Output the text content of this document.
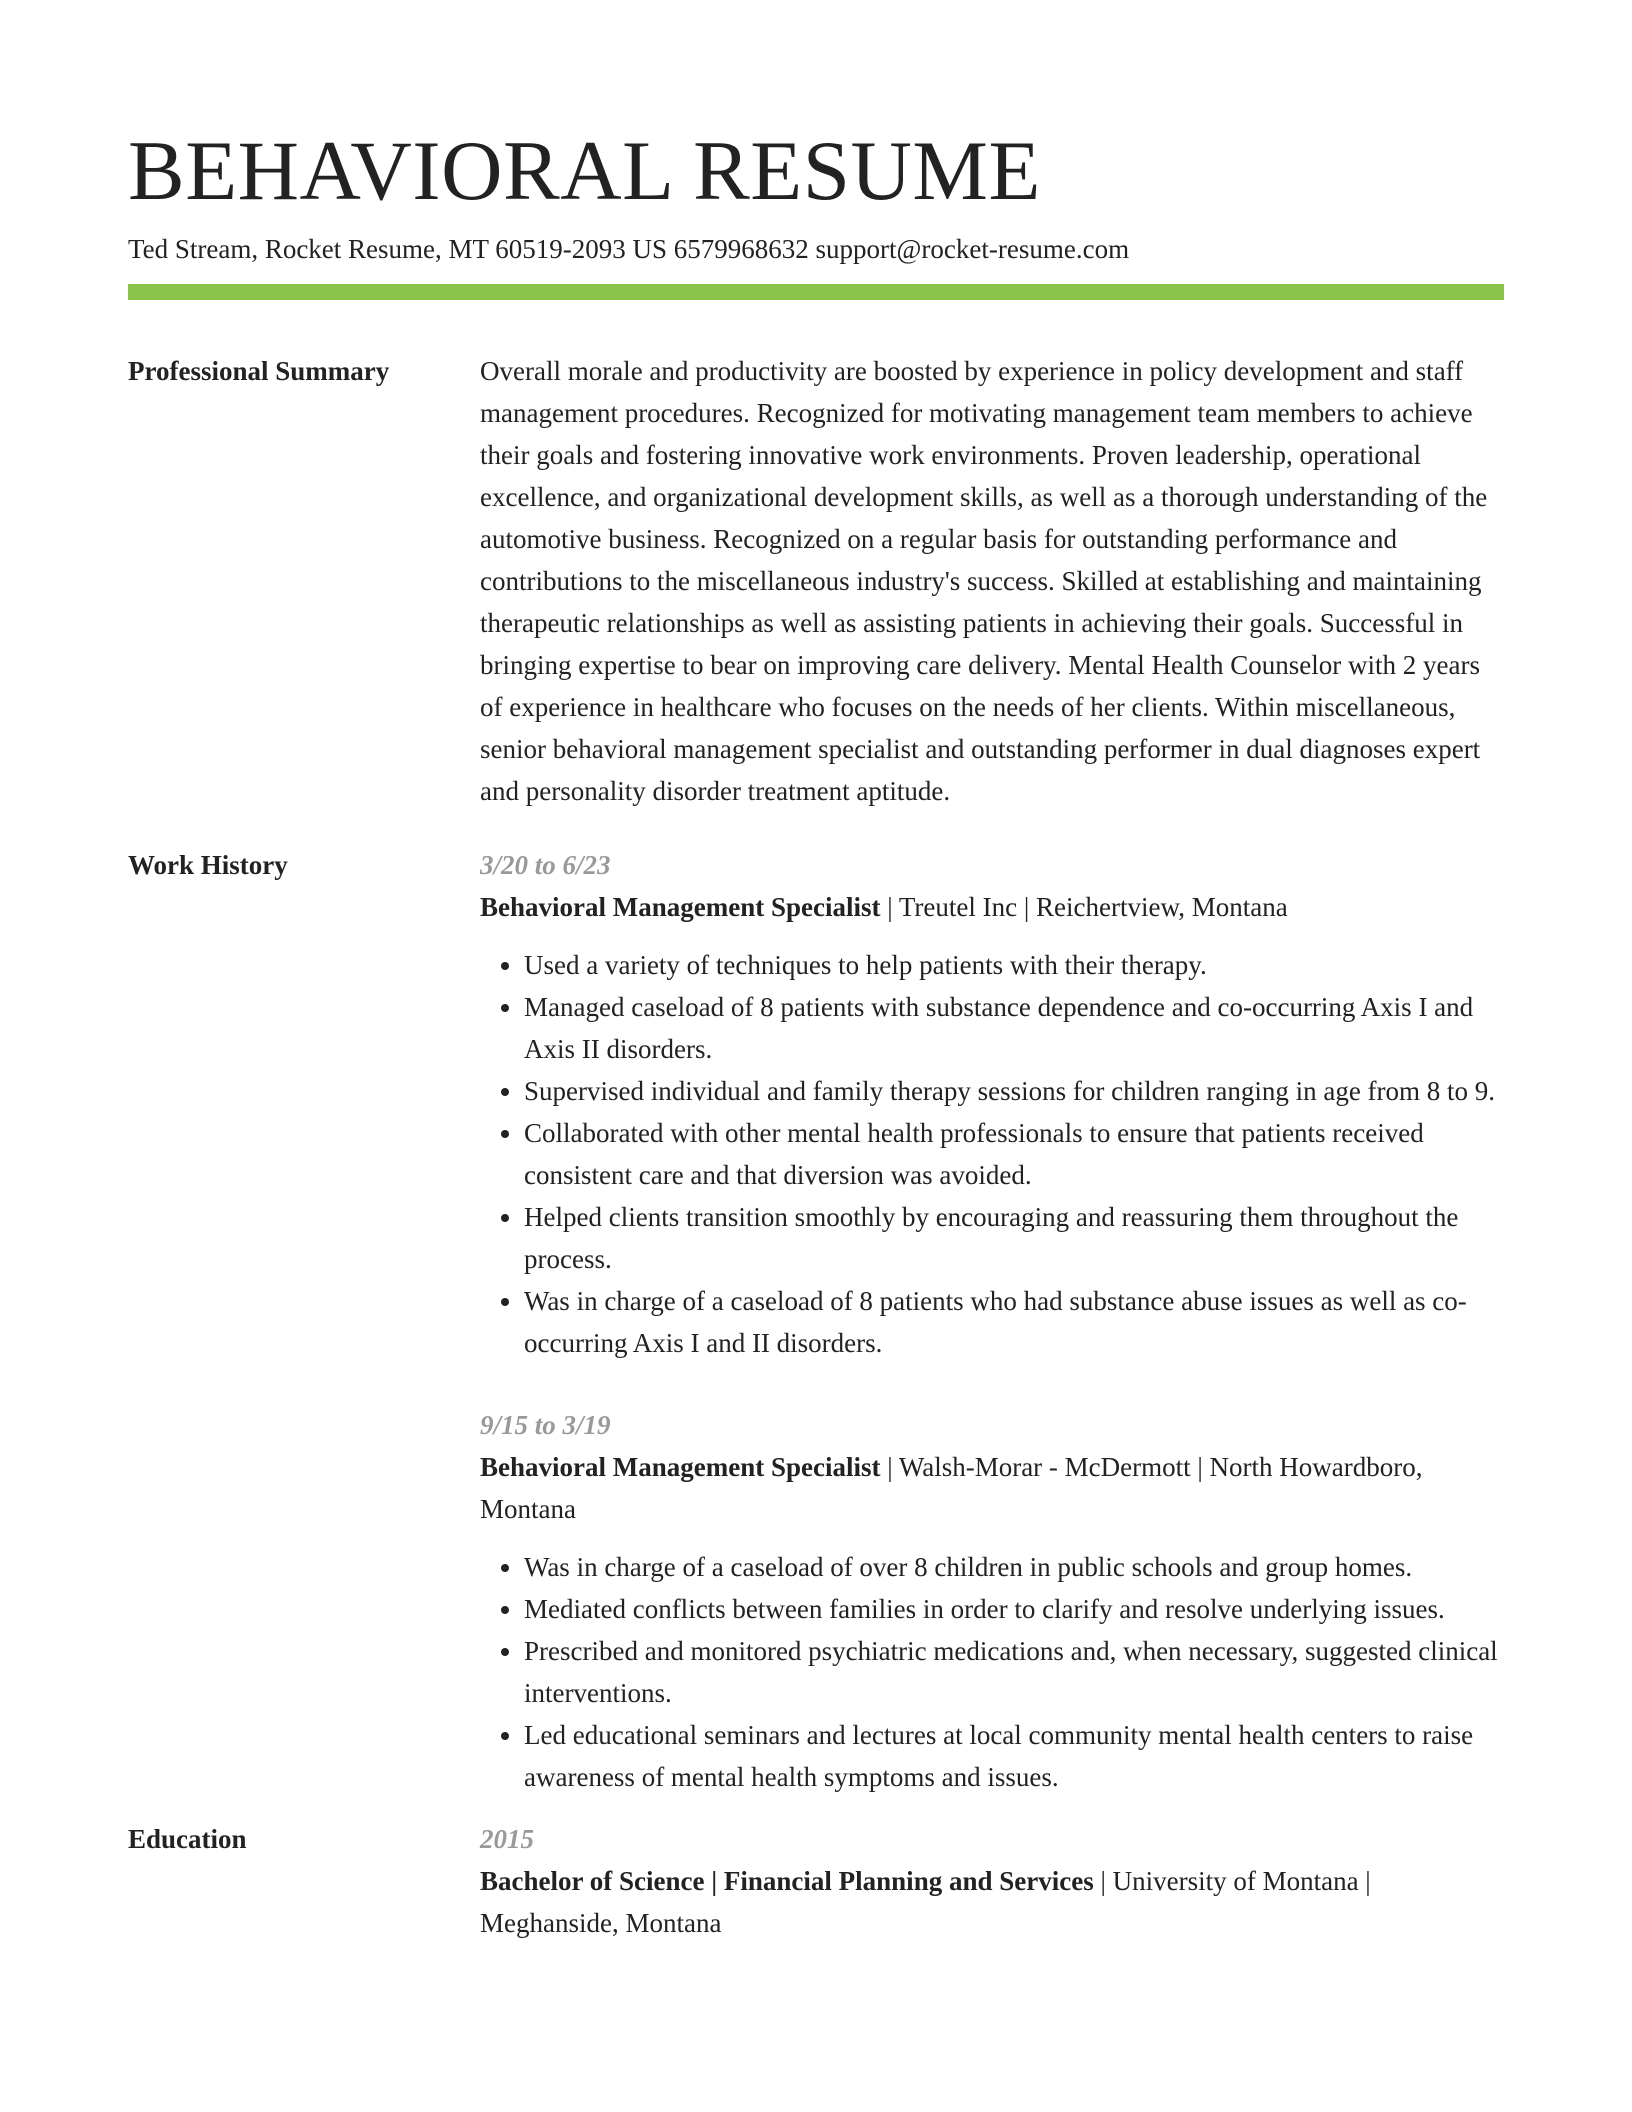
BEHAVIORAL RESUME
Ted Stream, Rocket Resume, MT 60519-2093 US 6579968632 support@rocket-resume.com
Professional Summary	Overall morale and productivity are boosted by experience in policy development and staff management procedures. Recognized for motivating management team members to achieve their goals and fostering innovative work environments. Proven leadership, operational excellence, and organizational development skills, as well as a thorough understanding of the automotive business. Recognized on a regular basis for outstanding performance and contributions to the miscellaneous industry's success. Skilled at establishing and maintaining therapeutic relationships as well as assisting patients in achieving their goals. Successful in bringing expertise to bear on improving care delivery. Mental Health Counselor with 2 years of experience in healthcare who focuses on the needs of her clients. Within miscellaneous, senior behavioral management specialist and outstanding performer in dual diagnoses expert and personality disorder treatment aptitude.

Work History	3/20 to 6/23
Behavioral Management Specialist | Treutel Inc | Reichertview, Montana
• Used a variety of techniques to help patients with their therapy.
• Managed caseload of 8 patients with substance dependence and co-occurring Axis I and Axis II disorders.
• Supervised individual and family therapy sessions for children ranging in age from 8 to 9.
• Collaborated with other mental health professionals to ensure that patients received consistent care and that diversion was avoided.
• Helped clients transition smoothly by encouraging and reassuring them throughout the process.
• Was in charge of a caseload of 8 patients who had substance abuse issues as well as co-occurring Axis I and II disorders.
9/15 to 3/19
Behavioral Management Specialist | Walsh-Morar - McDermott | North Howardboro, Montana
• Was in charge of a caseload of over 8 children in public schools and group homes.
• Mediated conflicts between families in order to clarify and resolve underlying issues.
• Prescribed and monitored psychiatric medications and, when necessary, suggested clinical interventions.
• Led educational seminars and lectures at local community mental health centers to raise awareness of mental health symptoms and issues.
Education	2015
Bachelor of Science | Financial Planning and Services | University of Montana | Meghanside, Montana
